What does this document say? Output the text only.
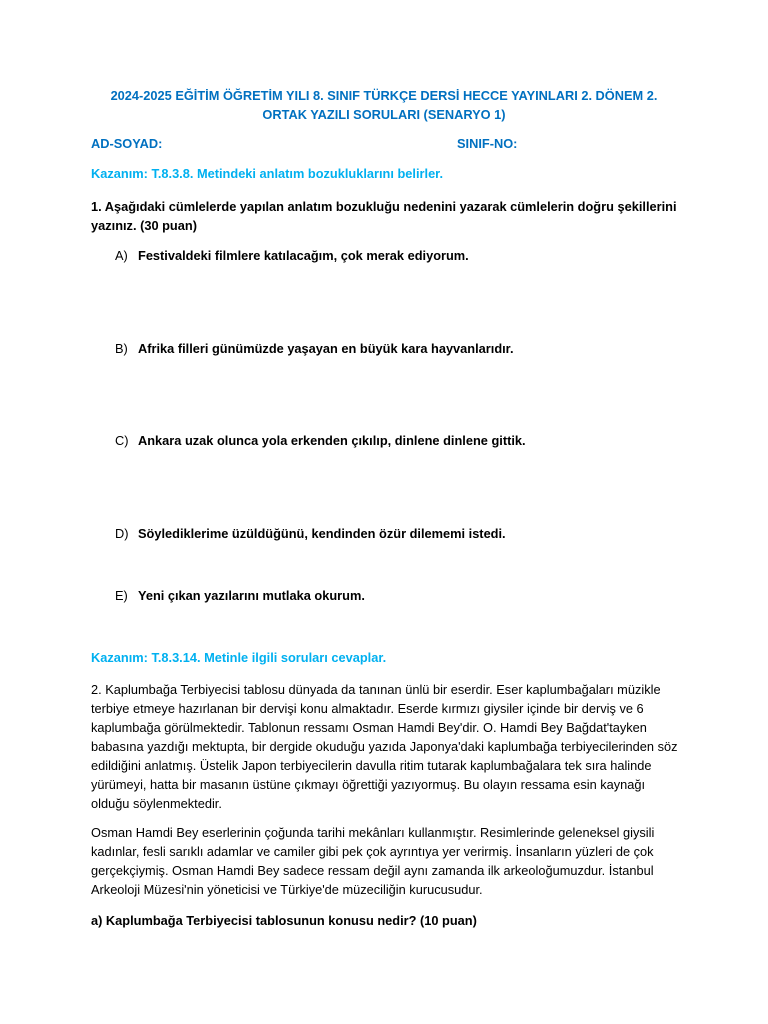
2024-2025 EĞİTİM ÖĞRETİM YILI 8. SINIF TÜRKÇE DERSİ HECCE YAYINLARI 2. DÖNEM 2. ORTAK YAZILI SORULARI (SENARYO 1)
AD-SOYAD:	SINIF-NO:
Kazanım: T.8.3.8. Metindeki anlatım bozukluklarını belirler.
1. Aşağıdaki cümlelerde yapılan anlatım bozukluğu nedenini yazarak cümlelerin doğru şekillerini yazınız. (30 puan)
A) Festivaldeki filmlere katılacağım, çok merak ediyorum.
B) Afrika filleri günümüzde yaşayan en büyük kara hayvanlarıdır.
C) Ankara uzak olunca yola erkenden çıkılıp, dinlene dinlene gittik.
D) Söylediklerime üzüldüğünü, kendinden özür dilememi istedi.
E) Yeni çıkan yazılarını mutlaka okurum.
Kazanım: T.8.3.14. Metinle ilgili soruları cevaplar.

2. Kaplumbağa Terbiyecisi tablosu dünyada da tanınan ünlü bir eserdir. Eser kaplumbağaları müzikle terbiye etmeye hazırlanan bir dervişi konu almaktadır. Eserde kırmızı giysiler içinde bir derviş ve 6 kaplumbağa görülmektedir. Tablonun ressamı Osman Hamdi Bey'dir. O. Hamdi Bey Bağdat'tayken babasına yazdığı mektupta, bir dergide okuduğu yazıda Japonya'daki kaplumbağa terbiyecilerinden söz edildiğini anlatmış. Üstelik Japon terbiyecilerin davulla ritim tutarak kaplumbağalara tek sıra halinde yürümeyi, hatta bir masanın üstüne çıkmayı öğrettiği yazıyormuş. Bu olayın ressama esin kaynağı olduğu söylenmektedir.

Osman Hamdi Bey eserlerinin çoğunda tarihi mekânları kullanmıştır. Resimlerinde geleneksel giysili kadınlar, fesli sarıklı adamlar ve camiler gibi pek çok ayrıntıya yer verirmiş. İnsanların yüzleri de çok gerçekçiymiş. Osman Hamdi Bey sadece ressam değil aynı zamanda ilk arkeoloğumuzdur. İstanbul Arkeoloji Müzesi'nin yöneticisi ve Türkiye'de müzeciliğin kurucusudur.

a) Kaplumbağa Terbiyecisi tablosunun konusu nedir? (10 puan)
